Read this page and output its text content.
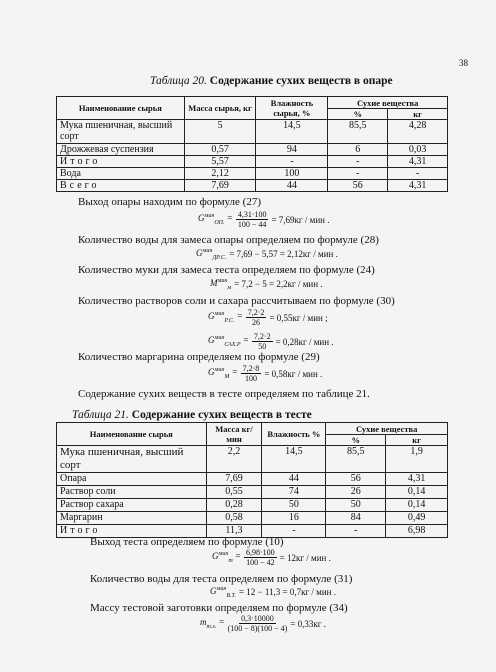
38
Таблица 20. Содержание сухих веществ в опаре
Наименование сырья	Масса сырья, кг	Влажность сырья, %	Сухие вещества	
			%	кг
Мука пшеничная, высший сорт	5	14,5	85,5	4,28
Дрожжевая суспензия	0,57	94	6	0,03
Итого	5,57	-	-	4,31
Вода	2,12	100	-	-
Всего	7,69	44	56	4,31
Выход опары находим по формуле (27)
$G^{мин}_{ОП.} = \frac{4,31\cdot 100}{100 - 44} = 7,69кг$ / мин .
Количество воды для замеса опары определяем по формуле (28)
$G^{мин}_{ДР.С.} = 7,69 - 5,57 = 2,12кг$ / мин .
Количество муки для замеса теста определяем по формуле (24)
$M^{мин}_м = 7,2 - 5 = 2,2кг$ / мин .
Количество растворов соли и сахара рассчитываем по формуле (30)
$G^{мин}_{Р.С.} = \frac{7,2\cdot 2}{26} = 0,55кг$ / мин ;
$G^{мин}_{САХ.Р} = \frac{7,2\cdot 2}{50} = 0,28кг$ / мин .
Количество маргарина определяем по формуле (29)
$G^{мин}_М = \frac{7,2\cdot 8}{100} = 0,58кг$ / мин .
Содержание сухих веществ в тесте определяем по таблице 21.
Таблица 21. Содержание сухих веществ в тесте
Наименование сырья	Масса кг/мин	Влажность %	Сухие вещества	
			%	кг
Мука пшеничная, высший сорт	2,2	14,5	85,5	1,9
Опара	7,69	44	56	4,31
Раствор соли	0,55	74	26	0,14
Раствор сахара	0,28	50	50	0,14
Маргарин	0,58	16	84	0,49
Итого	11,3	-	-	6,98
Выход теста определяем по формуле (10)
$G^{мин}_т = \frac{6,98\cdot 100}{100 - 42} = 12кг$ / мин .
Количество воды для теста определяем по формуле (31)
$G^{мин}_{В.Т.} = 12 - 11,3 = 0,7кг$ / мин .
Массу тестовой заготовки определяем по формуле (34)
$m_{т.з.} = \frac{0,3\cdot 10000}{(100 - 8)(100 - 4)} = 0,33кг$ .
